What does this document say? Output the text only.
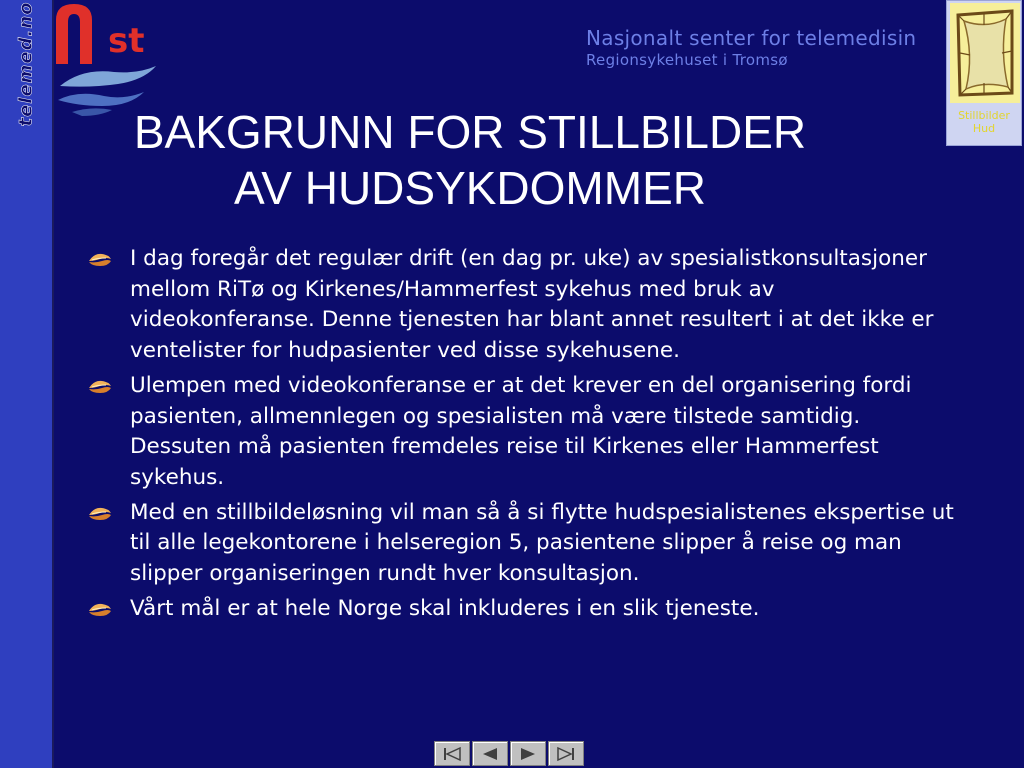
telemed.no st	Nasjonalt senter for telemedisin
Regionsykehuset i Tromsø
Stillbilder
Hud
BAKGRUNN FOR STILLBILDER
AV HUDSYKDOMMER
I dag foregår det regulær drift (en dag pr. uke) av spesialistkonsultasjoner mellom RiTø og Kirkenes/Hammerfest sykehus med bruk av videokonferanse. Denne tjenesten har blant annet resultert i at det ikke er ventelister for hudpasienter ved disse sykehusene.
Ulempen med videokonferanse er at det krever en del organisering fordi pasienten, allmennlegen og spesialisten må være tilstede samtidig. Dessuten må pasienten fremdeles reise til Kirkenes eller Hammerfest sykehus.
Med en stillbildeløsning vil man så å si flytte hudspesialistenes ekspertise ut til alle legekontorene i helseregion 5, pasientene slipper å reise og man slipper organiseringen rundt hver konsultasjon.
Vårt mål er at hele Norge skal inkluderes i en slik tjeneste.
